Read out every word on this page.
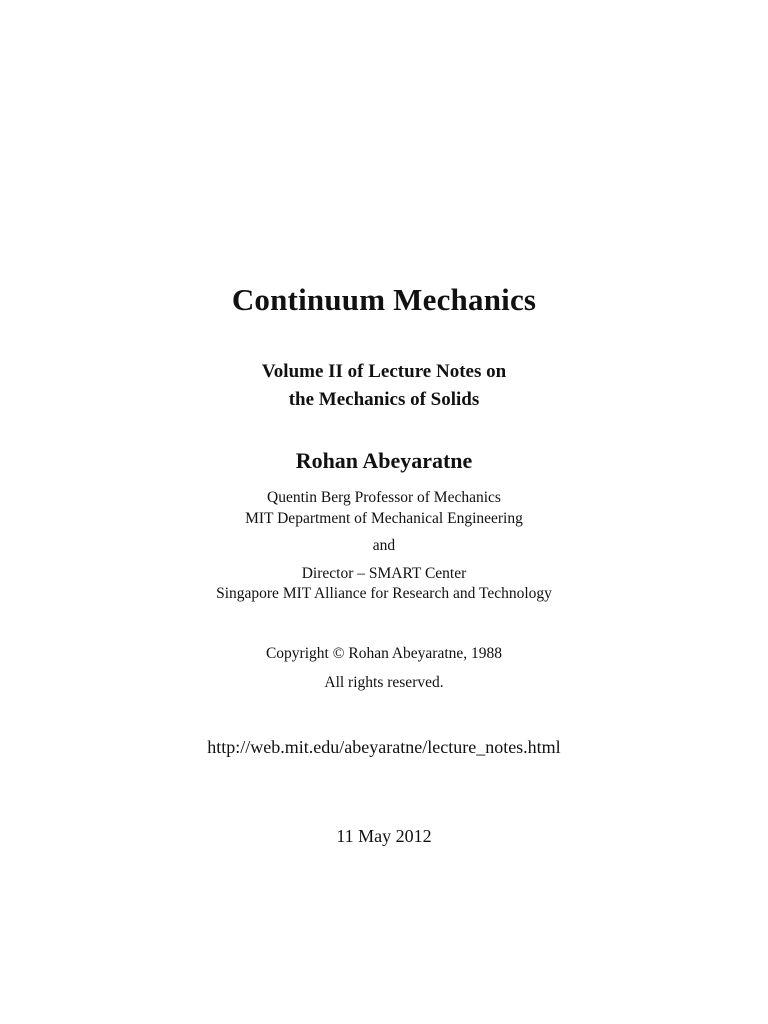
Continuum Mechanics
Volume II of Lecture Notes on
the Mechanics of Solids
Rohan Abeyaratne
Quentin Berg Professor of Mechanics
MIT Department of Mechanical Engineering
and
Director – SMART Center
Singapore MIT Alliance for Research and Technology
Copyright © Rohan Abeyaratne, 1988
All rights reserved.
http://web.mit.edu/abeyaratne/lecture_notes.html
11 May 2012
